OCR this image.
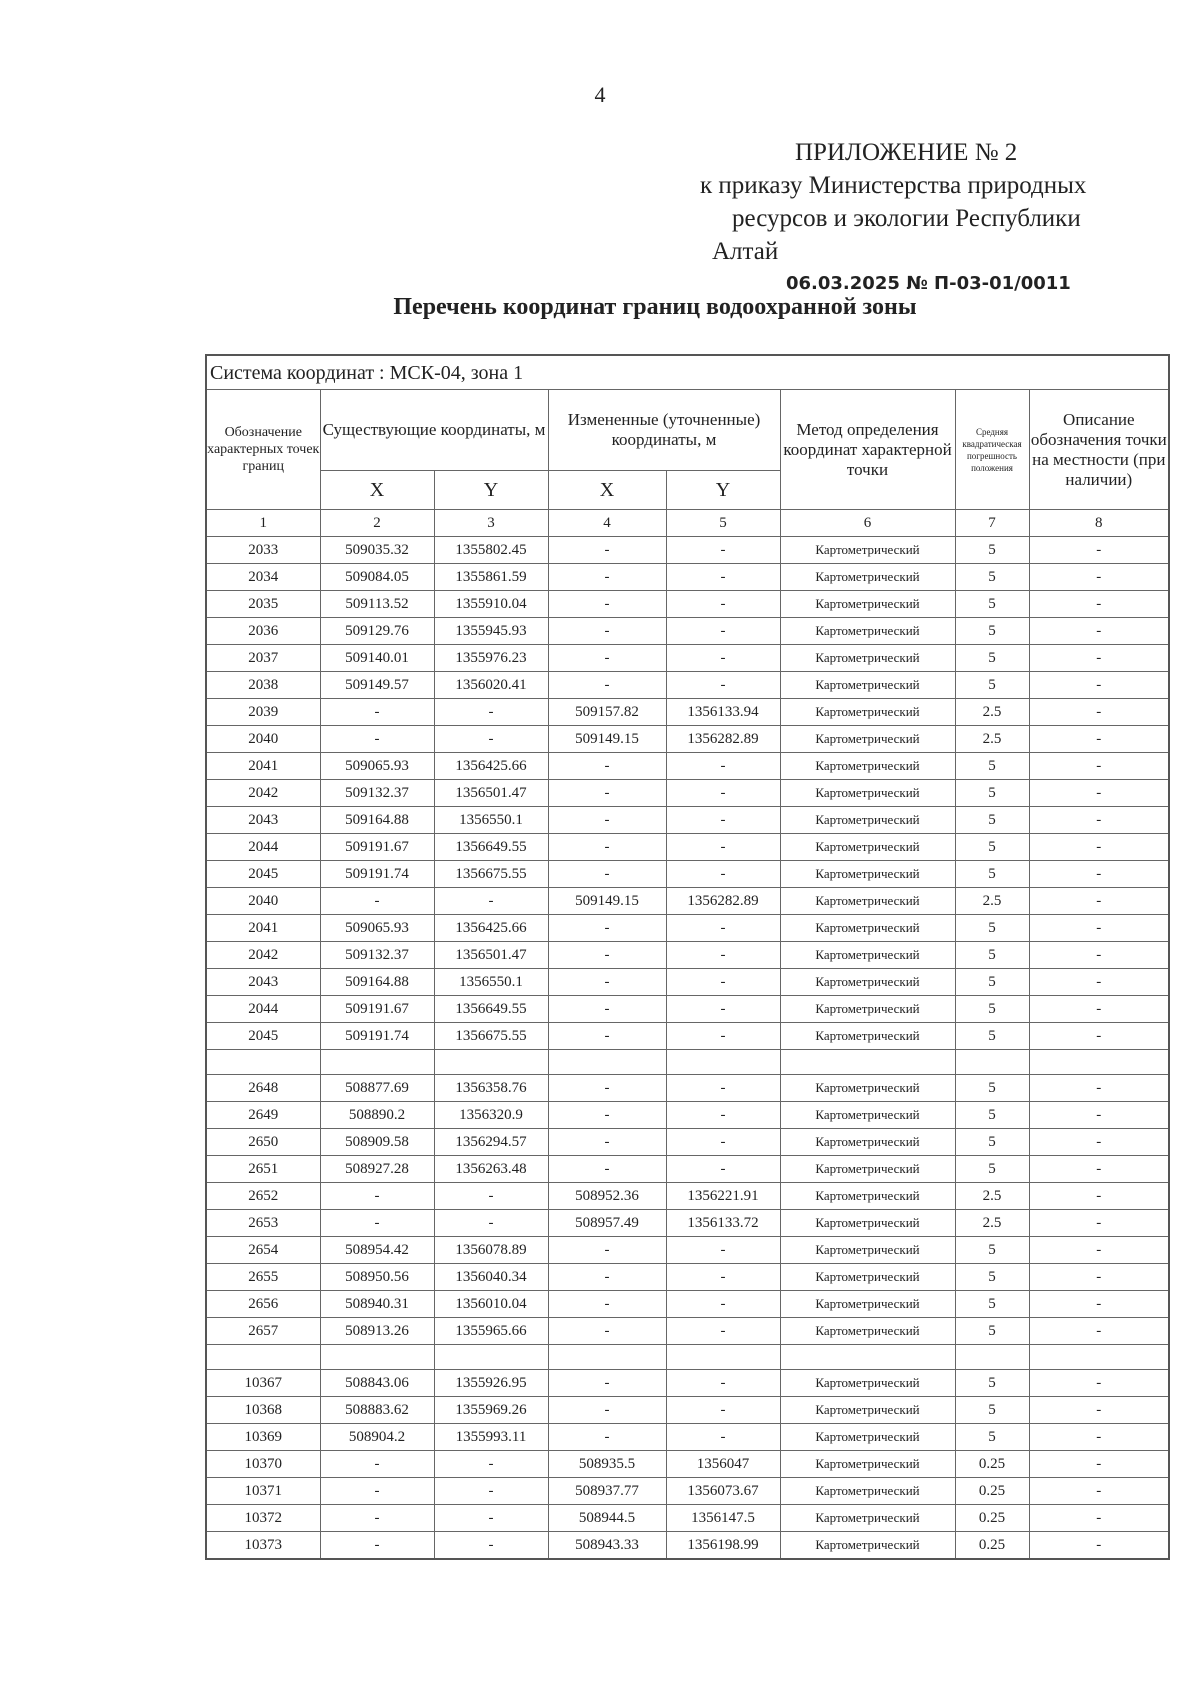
4
ПРИЛОЖЕНИЕ № 2
к приказу Министерства природных
ресурсов и экологии Республики
Алтай
06.03.2025 № П-03-01/0011
Перечень координат границ водоохранной зоны
Система координат : МСК-04, зона 1							
Обозначение характерных точек границ	Существующие координаты, м		Измененные (уточненные) координаты, м		Метод определения координат характерной точки	Средняя квадратическая погрешность положения	Описание обозначения точки на местности (при наличии)
	X	Y	X	Y			
1	2	3	4	5	6	7	8
2033	509035.32	1355802.45	-	-	Картометрический	5	-
2034	509084.05	1355861.59	-	-	Картометрический	5	-
2035	509113.52	1355910.04	-	-	Картометрический	5	-
2036	509129.76	1355945.93	-	-	Картометрический	5	-
2037	509140.01	1355976.23	-	-	Картометрический	5	-
2038	509149.57	1356020.41	-	-	Картометрический	5	-
2039	-	-	509157.82	1356133.94	Картометрический	2.5	-
2040	-	-	509149.15	1356282.89	Картометрический	2.5	-
2041	509065.93	1356425.66	-	-	Картометрический	5	-
2042	509132.37	1356501.47	-	-	Картометрический	5	-
2043	509164.88	1356550.1	-	-	Картометрический	5	-
2044	509191.67	1356649.55	-	-	Картометрический	5	-
2045	509191.74	1356675.55	-	-	Картометрический	5	-
2040	-	-	509149.15	1356282.89	Картометрический	2.5	-
2041	509065.93	1356425.66	-	-	Картометрический	5	-
2042	509132.37	1356501.47	-	-	Картометрический	5	-
2043	509164.88	1356550.1	-	-	Картометрический	5	-
2044	509191.67	1356649.55	-	-	Картометрический	5	-
2045	509191.74	1356675.55	-	-	Картометрический	5	-

2648	508877.69	1356358.76	-	-	Картометрический	5	-
2649	508890.2	1356320.9	-	-	Картометрический	5	-
2650	508909.58	1356294.57	-	-	Картометрический	5	-
2651	508927.28	1356263.48	-	-	Картометрический	5	-
2652	-	-	508952.36	1356221.91	Картометрический	2.5	-
2653	-	-	508957.49	1356133.72	Картометрический	2.5	-
2654	508954.42	1356078.89	-	-	Картометрический	5	-
2655	508950.56	1356040.34	-	-	Картометрический	5	-
2656	508940.31	1356010.04	-	-	Картометрический	5	-
2657	508913.26	1355965.66	-	-	Картометрический	5	-

10367	508843.06	1355926.95	-	-	Картометрический	5	-
10368	508883.62	1355969.26	-	-	Картометрический	5	-
10369	508904.2	1355993.11	-	-	Картометрический	5	-
10370	-	-	508935.5	1356047	Картометрический	0.25	-
10371	-	-	508937.77	1356073.67	Картометрический	0.25	-
10372	-	-	508944.5	1356147.5	Картометрический	0.25	-
10373	-	-	508943.33	1356198.99	Картометрический	0.25	-
